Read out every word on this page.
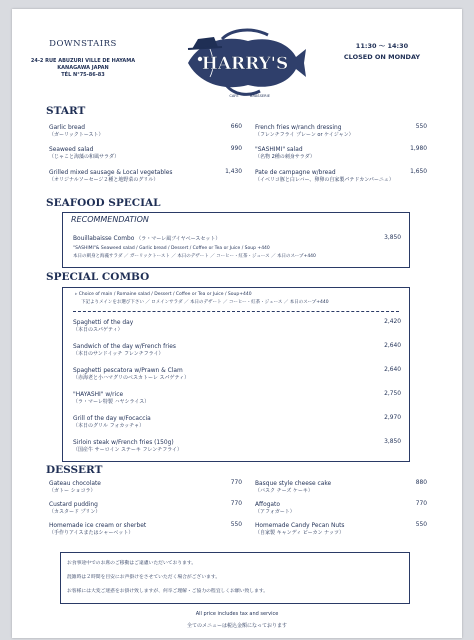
DOWNSTAIRS
24-2 RUE ABUZURI VILLE DE HAYAMA
KANAGAWA JAPAN
TÉL N°75-86-83
HARRY'S
CAFE	BRASSERIE
11:30 ～ 14:30
CLOSED ON MONDAY
START
Garlic bread
（ガーリックトースト）
660 French fries w/ranch dressing
（フレンチフライ プレーン or ケイジャン）
550
Seaweed salad
（じゃこと海藻の和風サラダ）
990 "SASHIMI" salad
（名物 2種の刺身サラダ）
1,980
Grilled mixed sausage & Local vegetables
（オリジナルソーセージ２種と地野菜のグリル）
1,430 Pate de campagne w/bread
（イベリコ豚と白レバー、卵卵の自家製パテドカンパーニュ）
1,650
SEAFOOD SPECIAL
RECOMMENDATION
Bouillabaisse Combo （ラ・マーレ風ブイヤベースセット）	3,850
"SASHIMI"& Seaweed salad / Garlic bread / Dessert / Coffee or Tea or Juice / Soup +440
本日の刺身と海藻サラダ ／ ガーリックトースト ／ 本日のデザート ／ コーヒー・紅茶・ジュース ／ 本日のスープ+440
SPECIAL COMBO
▹ Choice of main / Romaine salad / Dessert / Coffee or Tea or Juice / Soup+440
下記よりメインをお選び下さい ／ ロメインサラダ ／ 本日のデザート ／ コーヒー・紅茶・ジュース ／ 本日のスープ+440
Spaghetti of the day
（本日のスパゲティ）
2,420
Sandwich of the day w/French fries
（本日のサンドイッチ フレンチフライ）
2,640
Spaghetti pescatora w/Prawn & Clam
（赤海老と小ハマグリのペスカトーレ スパゲティ）
2,640
"HAYASHI" w/rice
（ラ・マーレ特製 ハヤシライス）
2,750
Grill of the day w/Focaccia
（本日のグリル フォカッチャ）
2,970
Sirloin steak w/French fries (150g)
（国産牛 サーロイン ステーキ フレンチフライ）
3,850
DESSERT
Gateau chocolate
（ガトー ショコラ）
770 Basque style cheese cake
（バスク チーズ ケーキ）
880
Custard pudding
（カスタード プリン）
770 Affogato
（アフォガート）
770
Homemade ice cream or sherbet
（手作りアイスまたはシャーベット）
550 Homemade Candy Pecan Nuts
（自家製 キャンディ ピーカン ナッツ）
550
お食事途中でのお席のご移動はご遠慮いただいております。
混雑時は２時間を目安にお声掛けをさせていただく場合がございます。
お客様には大変ご迷惑をお掛け致しますが、何卒ご理解・ご協力の程宜しくお願い致します。
All price includes tax and service
全てのメニューは税込金額になっております
